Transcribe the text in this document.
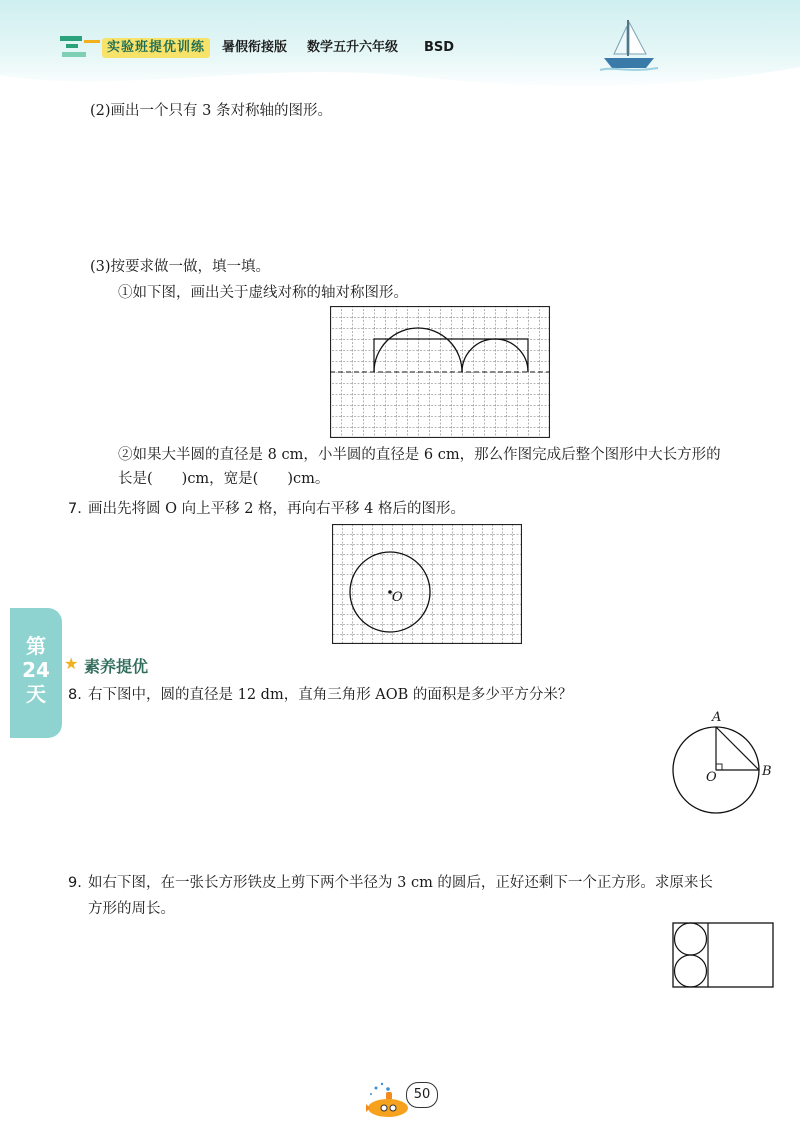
实验班提优训练	暑假衔接版 数学五升六年级 BSD
(2)画出一个只有 3 条对称轴的图形。
(3)按要求做一做，填一填。
①如下图，画出关于虚线对称的轴对称图形。
②如果大半圆的直径是 8 cm，小半圆的直径是 6 cm，那么作图完成后整个图形中大长方形的
长是(　　)cm，宽是(　　)cm。
7. 画出先将圆 O 向上平移 2 格，再向右平移 4 格后的图形。
O
第
24
天
★ 素养提优
8. 右下图中，圆的直径是 12 dm，直角三角形 AOB 的面积是多少平方分米？
A
O	B
9. 如右下图，在一张长方形铁皮上剪下两个半径为 3 cm 的圆后，正好还剩下一个正方形。求原来长
方形的周长。
50
